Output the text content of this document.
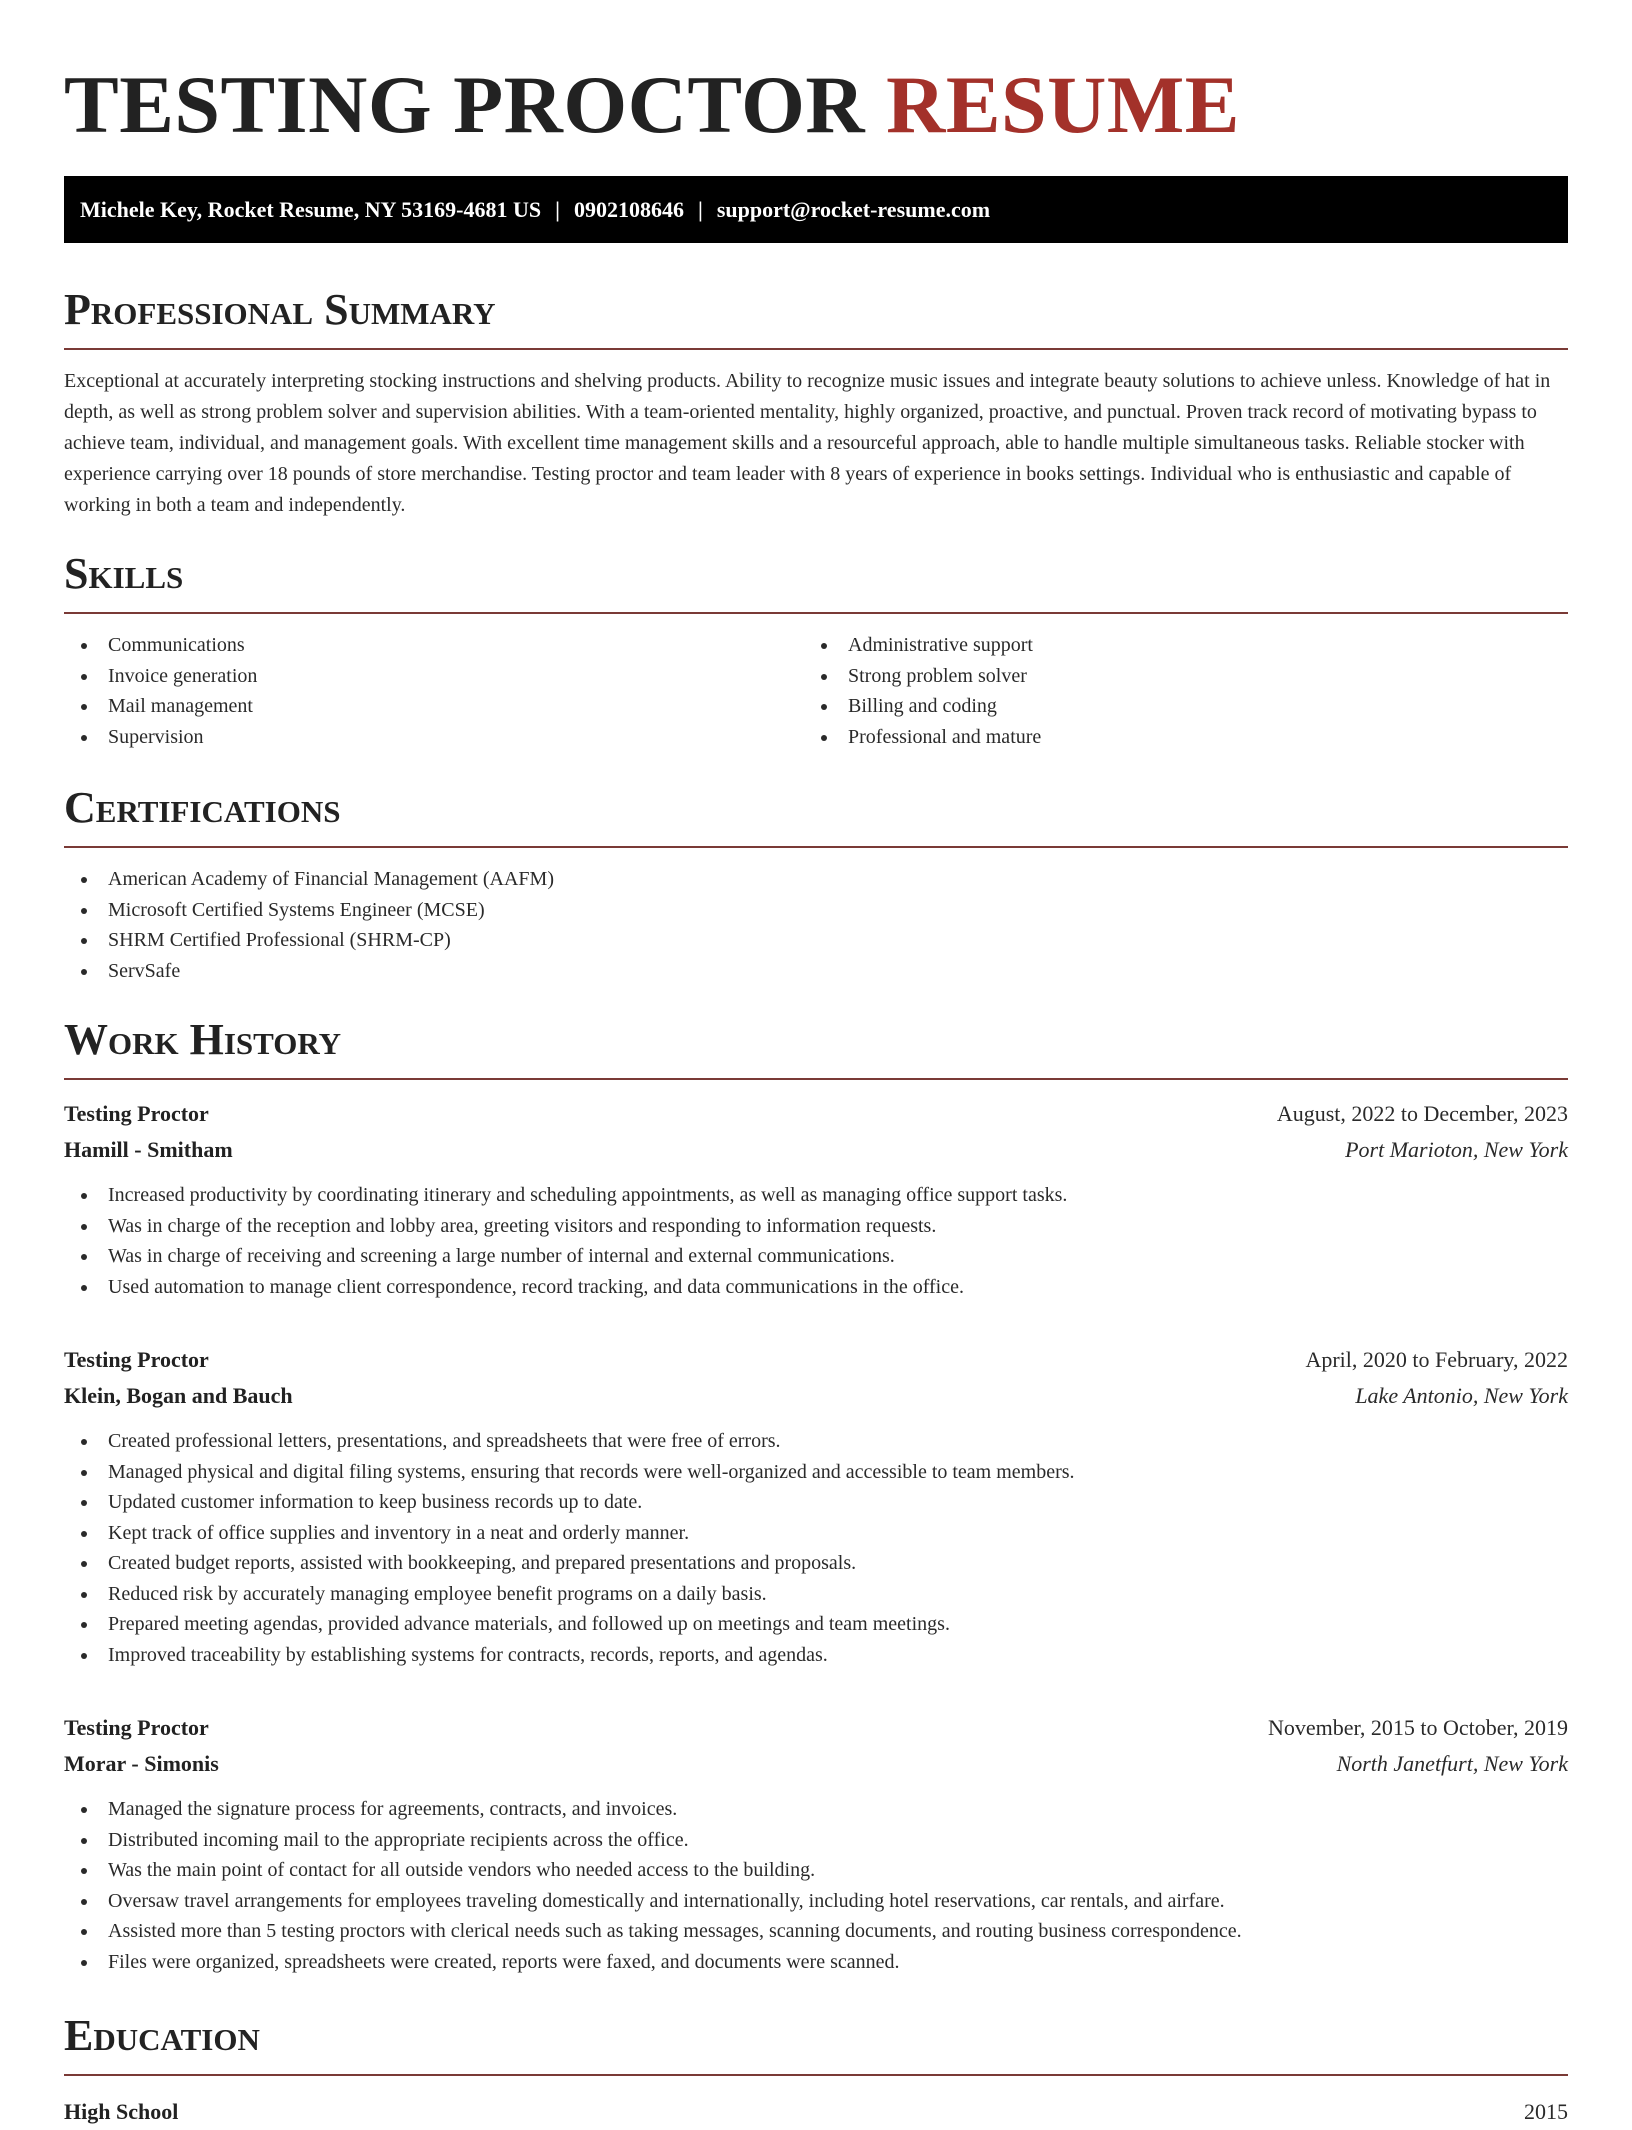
TESTING PROCTOR RESUME
Michele Key, Rocket Resume, NY 53169-4681 US | 0902108646 | support@rocket-resume.com
Professional Summary

Exceptional at accurately interpreting stocking instructions and shelving products. Ability to recognize music issues and integrate beauty solutions to achieve unless. Knowledge of hat in depth, as well as strong problem solver and supervision abilities. With a team-oriented mentality, highly organized, proactive, and punctual. Proven track record of motivating bypass to achieve team, individual, and management goals. With excellent time management skills and a resourceful approach, able to handle multiple simultaneous tasks. Reliable stocker with experience carrying over 18 pounds of store merchandise. Testing proctor and team leader with 8 years of experience in books settings. Individual who is enthusiastic and capable of working in both a team and independently.

Skills
Communications
Invoice generation
Mail management
Supervision
Administrative support
Strong problem solver
Billing and coding
Professional and mature
Certifications
American Academy of Financial Management (AAFM)
Microsoft Certified Systems Engineer (MCSE)
SHRM Certified Professional (SHRM-CP)
ServSafe
Work History
Testing Proctor	August, 2022 to December, 2023
Hamill - Smitham	Port Marioton, New York
Increased productivity by coordinating itinerary and scheduling appointments, as well as managing office support tasks.
Was in charge of the reception and lobby area, greeting visitors and responding to information requests.
Was in charge of receiving and screening a large number of internal and external communications.
Used automation to manage client correspondence, record tracking, and data communications in the office.
Testing Proctor	April, 2020 to February, 2022
Klein, Bogan and Bauch	Lake Antonio, New York
Created professional letters, presentations, and spreadsheets that were free of errors.
Managed physical and digital filing systems, ensuring that records were well-organized and accessible to team members.
Updated customer information to keep business records up to date.
Kept track of office supplies and inventory in a neat and orderly manner.
Created budget reports, assisted with bookkeeping, and prepared presentations and proposals.
Reduced risk by accurately managing employee benefit programs on a daily basis.
Prepared meeting agendas, provided advance materials, and followed up on meetings and team meetings.
Improved traceability by establishing systems for contracts, records, reports, and agendas.
Testing Proctor	November, 2015 to October, 2019
Morar - Simonis	North Janetfurt, New York
Managed the signature process for agreements, contracts, and invoices.
Distributed incoming mail to the appropriate recipients across the office.
Was the main point of contact for all outside vendors who needed access to the building.
Oversaw travel arrangements for employees traveling domestically and internationally, including hotel reservations, car rentals, and airfare.
Assisted more than 5 testing proctors with clerical needs such as taking messages, scanning documents, and routing business correspondence.
Files were organized, spreadsheets were created, reports were faxed, and documents were scanned.
Education
High School	2015
